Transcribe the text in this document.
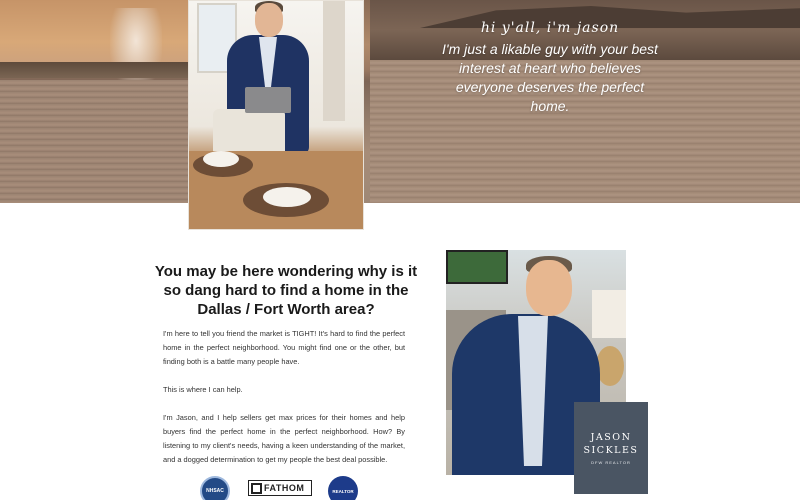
hi y'all, i'm jason
I'm just a likable guy with your best interest at heart who believes everyone deserves the perfect home.
You may be here wondering why is it so dang hard to find a home in the Dallas / Fort Worth area?

I'm here to tell you friend the market is TIGHT! It's hard to find the perfect home in the perfect neighborhood. You might find one or the other, but finding both is a battle many people have.

This is where I can help.

I'm Jason, and I help sellers get max prices for their homes and help buyers find the perfect home in the perfect neighborhood. How? By listening to my client's needs, having a keen understanding of the market, and a dogged determination to get my people the best deal possible.

NHSAC	FATHOM	REALTOR
JASON
SICKLES
DFW REALTOR
